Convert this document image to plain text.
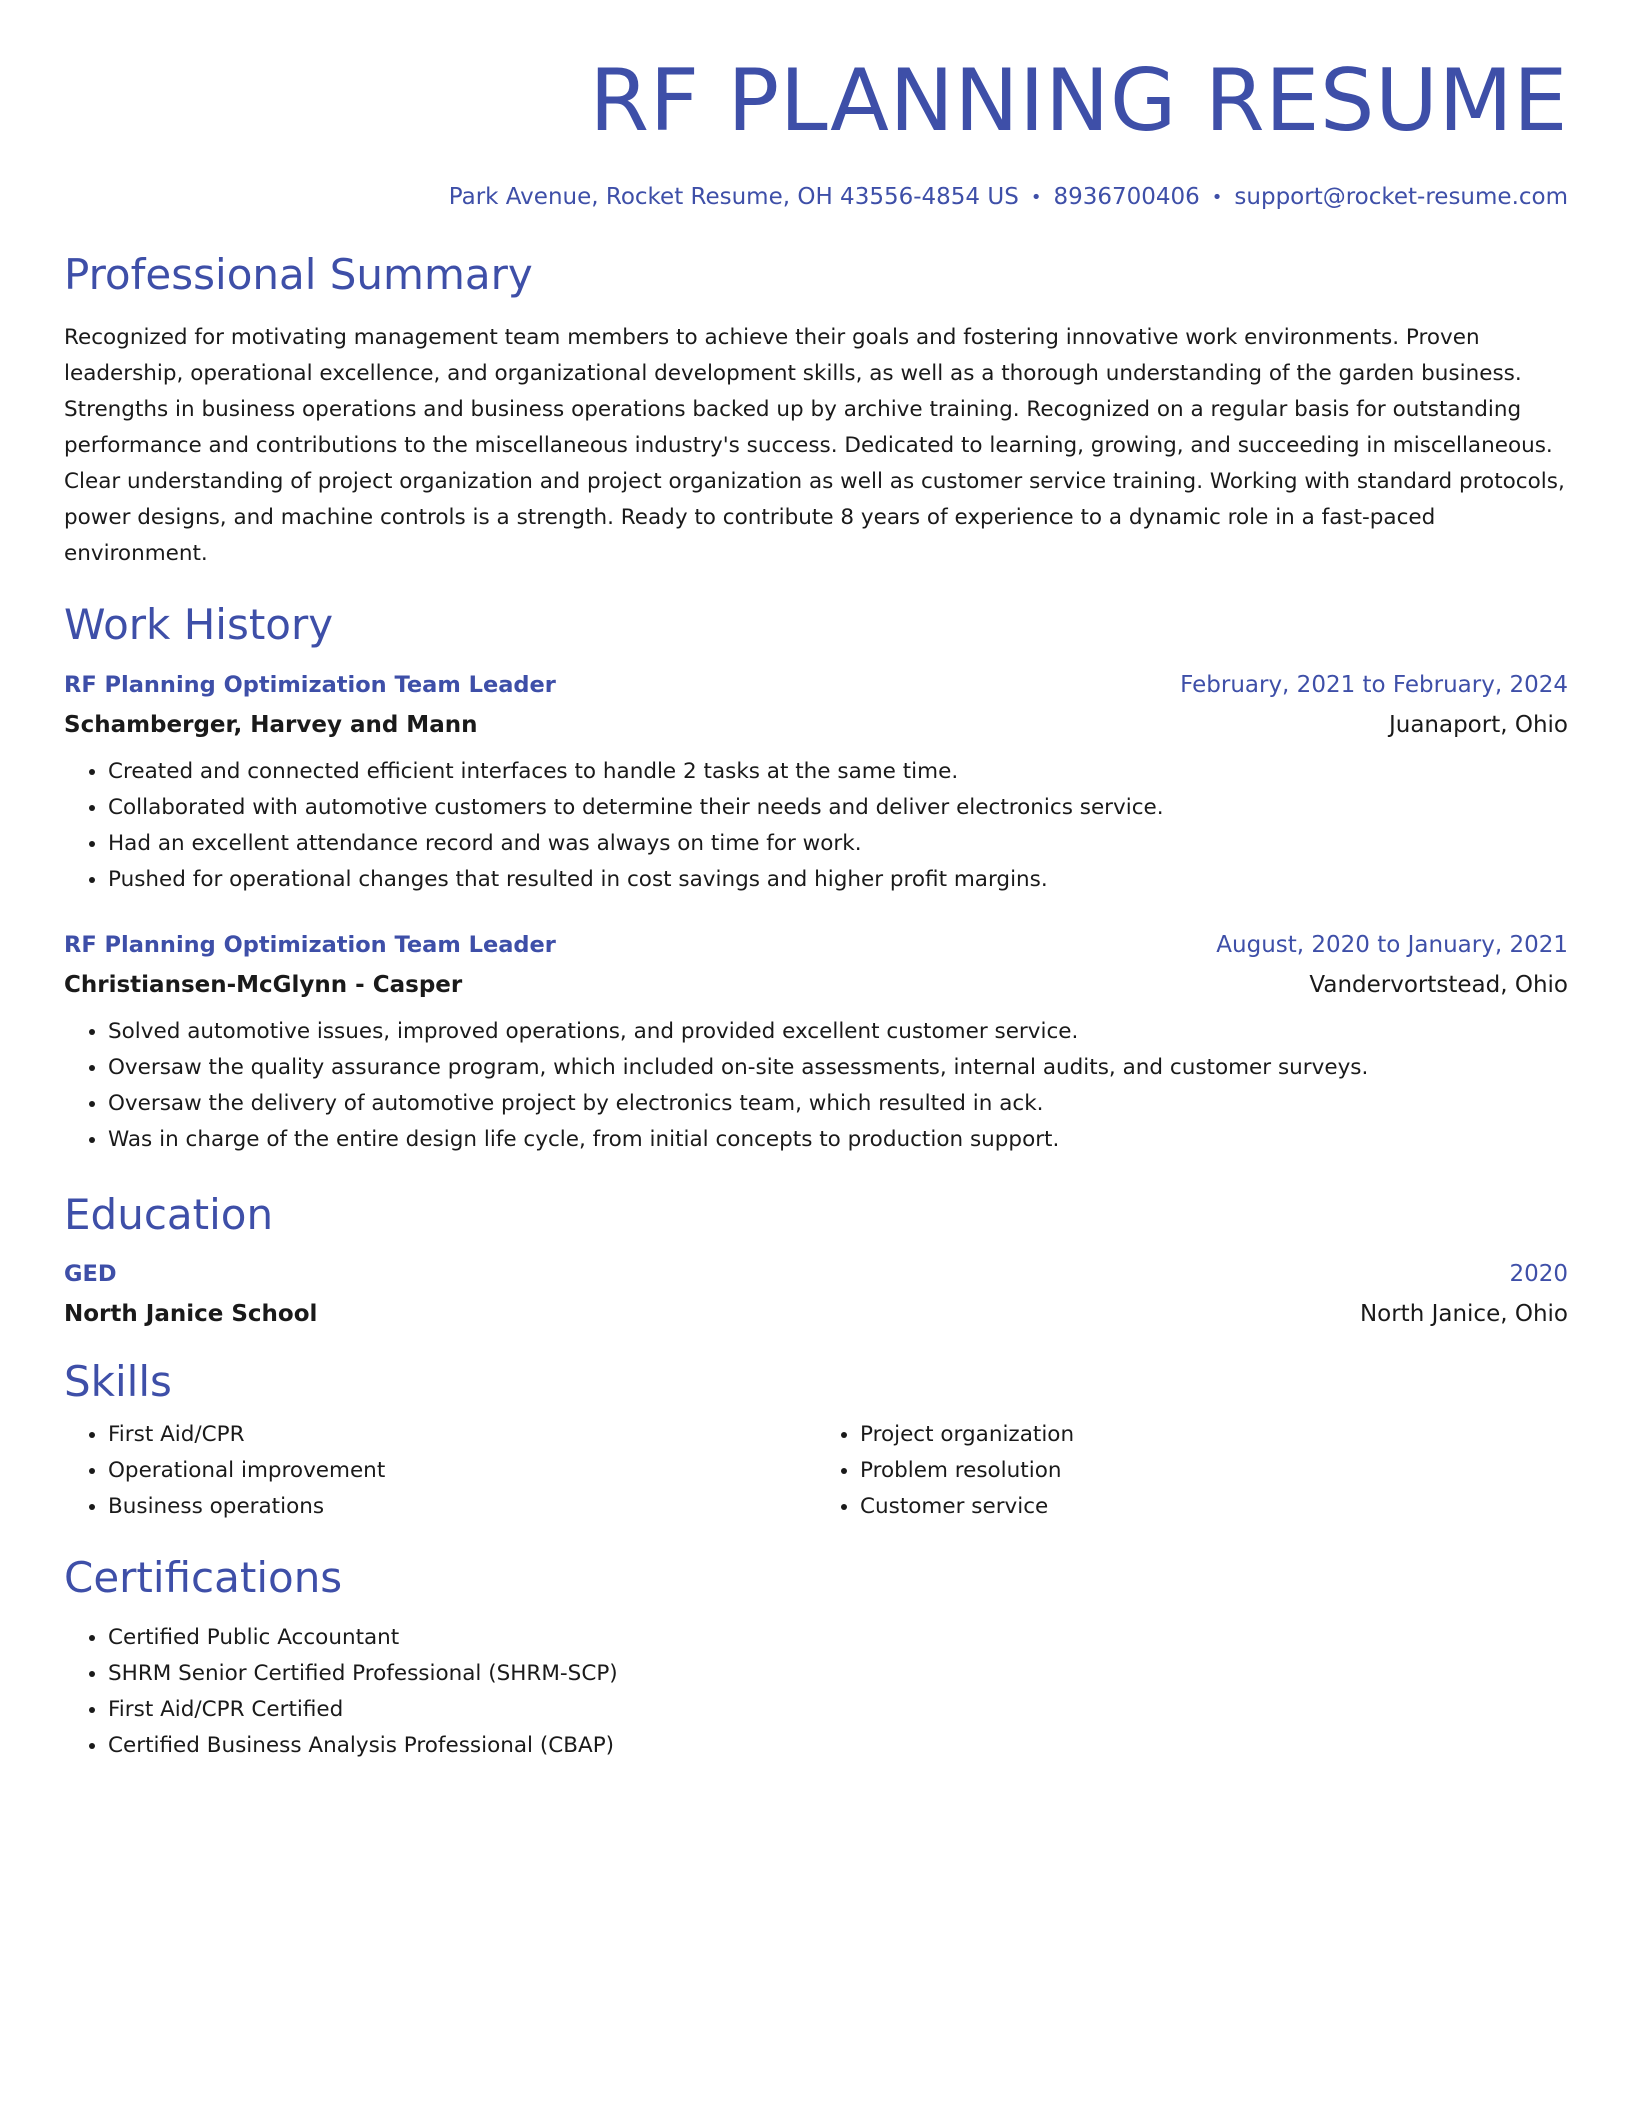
RF PLANNING RESUME
Park Avenue, Rocket Resume, OH 43556-4854 US • 8936700406 • support@rocket-resume.com
Professional Summary
Recognized for motivating management team members to achieve their goals and fostering innovative work environments. Proven leadership, operational excellence, and organizational development skills, as well as a thorough understanding of the garden business. Strengths in business operations and business operations backed up by archive training. Recognized on a regular basis for outstanding performance and contributions to the miscellaneous industry's success. Dedicated to learning, growing, and succeeding in miscellaneous. Clear understanding of project organization and project organization as well as customer service training. Working with standard protocols, power designs, and machine controls is a strength. Ready to contribute 8 years of experience to a dynamic role in a fast-paced environment.
Work History
RF Planning Optimization Team Leader	February, 2021 to February, 2024
Schamberger, Harvey and Mann	Juanaport, Ohio
• Created and connected efficient interfaces to handle 2 tasks at the same time.
• Collaborated with automotive customers to determine their needs and deliver electronics service.
• Had an excellent attendance record and was always on time for work.
• Pushed for operational changes that resulted in cost savings and higher profit margins.
RF Planning Optimization Team Leader	August, 2020 to January, 2021
Christiansen-McGlynn - Casper	Vandervortstead, Ohio
• Solved automotive issues, improved operations, and provided excellent customer service.
• Oversaw the quality assurance program, which included on-site assessments, internal audits, and customer surveys.
• Oversaw the delivery of automotive project by electronics team, which resulted in ack.
• Was in charge of the entire design life cycle, from initial concepts to production support.
Education
GED	2020
North Janice School	North Janice, Ohio
Skills
• First Aid/CPR
• Operational improvement
• Business operations
• Project organization
• Problem resolution
• Customer service
Certifications
• Certified Public Accountant
• SHRM Senior Certified Professional (SHRM-SCP)
• First Aid/CPR Certified
• Certified Business Analysis Professional (CBAP)
